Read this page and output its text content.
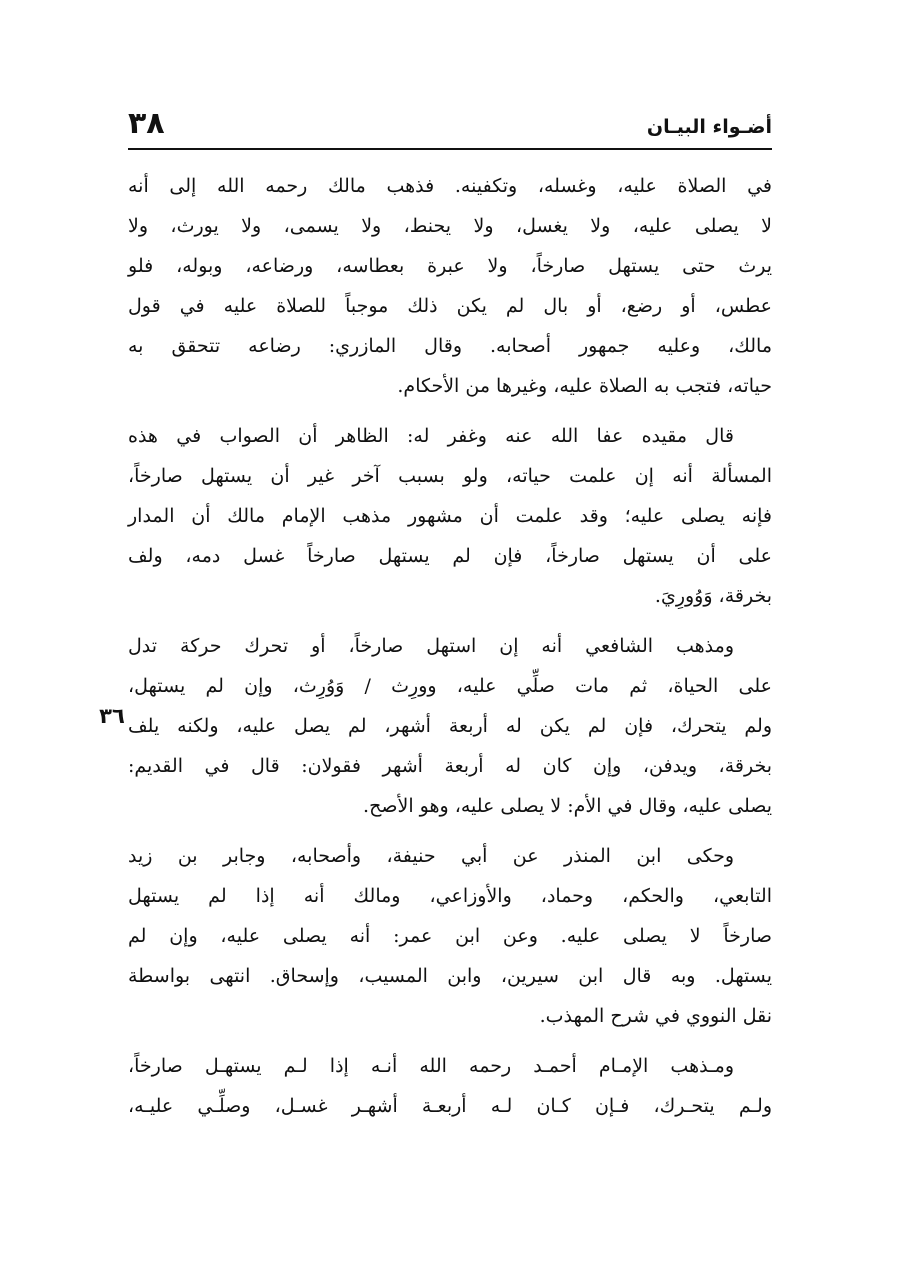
أضـواء البيـان
٣٨
٣٦
في الصلاة عليه، وغسله، وتكفينه. فذهب مالك رحمه الله إلى أنه
لا يصلى عليه، ولا يغسل، ولا يحنط، ولا يسمى، ولا يورث، ولا
يرث حتى يستهل صارخاً، ولا عبرة بعطاسه، ورضاعه، وبوله، فلو
عطس، أو رضع، أو بال لم يكن ذلك موجباً للصلاة عليه في قول
مالك، وعليه جمهور أصحابه. وقال المازري: رضاعه تتحقق به
حياته، فتجب به الصلاة عليه، وغيرها من الأحكام.
قال مقيده عفا الله عنه وغفر له: الظاهر أن الصواب في هذه
المسألة أنه إن علمت حياته، ولو بسبب آخر غير أن يستهل صارخاً،
فإنه يصلى عليه؛ وقد علمت أن مشهور مذهب الإمام مالك أن المدار
على أن يستهل صارخاً، فإن لم يستهل صارخاً غسل دمه، ولف
بخرقة، وَوُورِيَ.
ومذهب الشافعي أنه إن استهل صارخاً، أو تحرك حركة تدل
على الحياة، ثم مات صلِّي عليه، وورِث / وَوُرِث، وإن لم يستهل،
ولم يتحرك، فإن لم يكن له أربعة أشهر، لم يصل عليه، ولكنه يلف
بخرقة، ويدفن، وإن كان له أربعة أشهر فقولان: قال في القديم:
يصلى عليه، وقال في الأم: لا يصلى عليه، وهو الأصح.
وحكى ابن المنذر عن أبي حنيفة، وأصحابه، وجابر بن زيد
التابعي، والحكم، وحماد، والأوزاعي، ومالك أنه إذا لم يستهل
صارخاً لا يصلى عليه. وعن ابن عمر: أنه يصلى عليه، وإن لم
يستهل. وبه قال ابن سيرين، وابن المسيب، وإسحاق. انتهى بواسطة
نقل النووي في شرح المهذب.
ومـذهب الإمـام أحمـد رحمه الله أنـه إذا لـم يستهـل صارخاً،
ولـم يتحـرك، فـإن كـان لـه أربعـة أشهـر غسـل، وصلِّـي عليـه،
